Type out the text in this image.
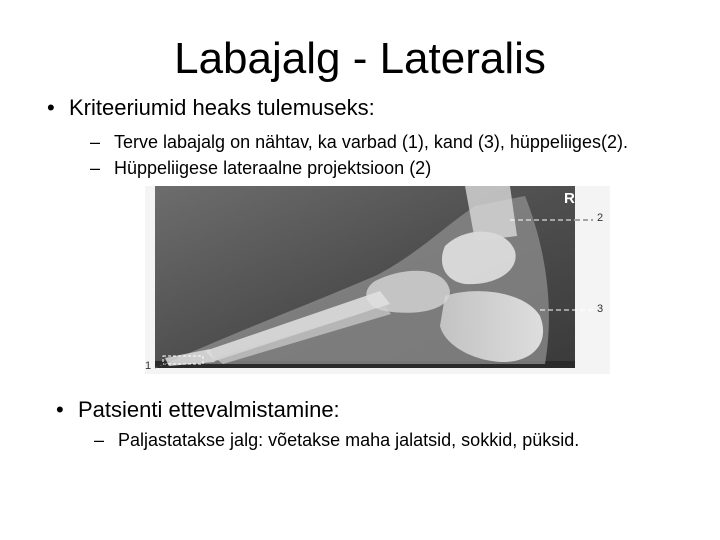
Labajalg - Lateralis
• Kriteeriumid heaks tulemuseks:
– Terve labajalg on nähtav, ka varbad (1), kand (3), hüppeliiges(2).
– Hüppeliigese lateraalne projektsioon (2)
R
2
3
1
• Patsienti ettevalmistamine:
– Paljastatakse jalg: võetakse maha jalatsid, sokkid, püksid.
